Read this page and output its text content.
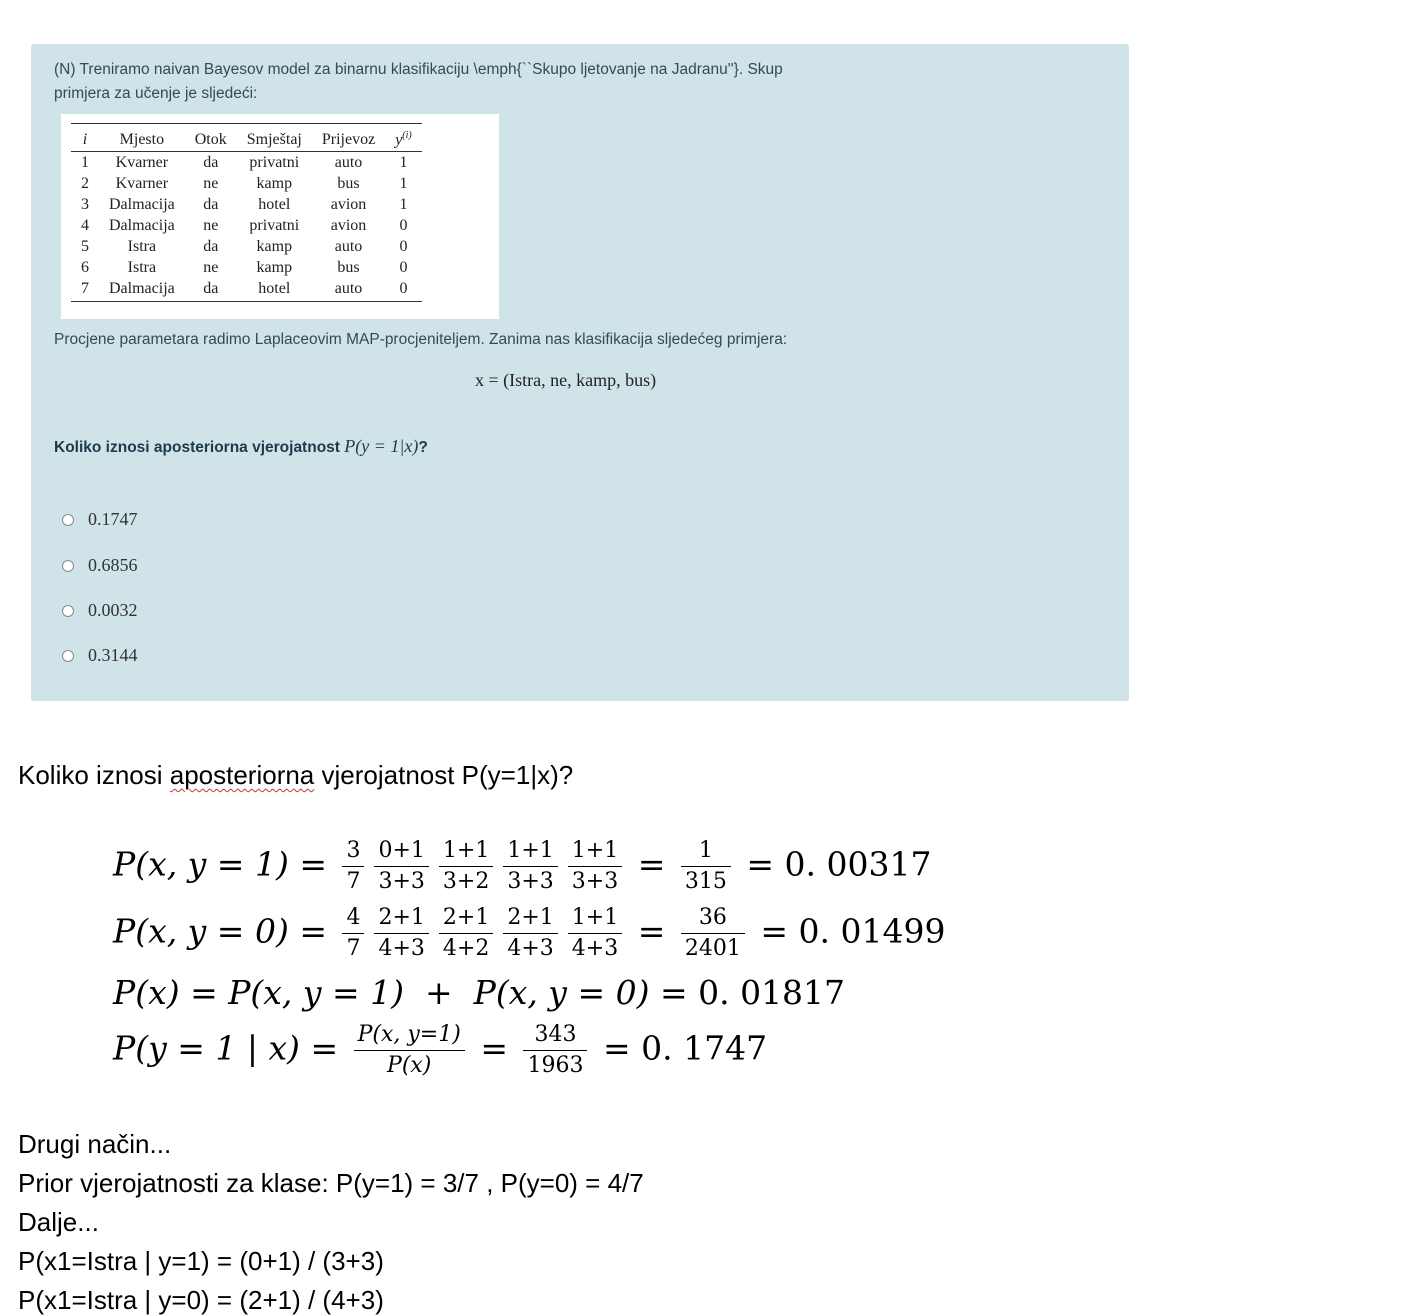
(N) Treniramo naivan Bayesov model za binarnu klasifikaciju \emph{``Skupo ljetovanje na Jadranu''}. Skup
primjera za učenje je sljedeći:
i	Mjesto	Otok	Smještaj	Prijevoz	$y^{(i)}$
1	Kvarner	da	privatni	auto	1
2	Kvarner	ne	kamp	bus	1
3	Dalmacija	da	hotel	avion	1
4	Dalmacija	ne	privatni	avion	0
5	Istra	da	kamp	auto	0
6	Istra	ne	kamp	bus	0
7	Dalmacija	da	hotel	auto	0
Procjene parametara radimo Laplaceovim MAP-procjeniteljem. Zanima nas klasifikacija sljedećeg primjera:
x = (Istra, ne, kamp, bus)
Koliko iznosi aposteriorna vjerojatnost P(y = 1|x)?
0.1747
0.6856
0.0032
0.3144
Koliko iznosi aposteriorna vjerojatnost P(y=1|x)?
P(x, $y = 1) = \frac{3}{7} \frac{0+1}{3+3} \frac{1+1}{3+2} \frac{1+1}{3+3} \frac{1+1}{3+3} = \frac{1}{315} = 0$. 00317
P(x, $y = 0) = \frac{4}{7} \frac{2+1}{4+3} \frac{2+1}{4+2} \frac{2+1}{4+3} \frac{1+1}{4+3} = \frac{36}{2401} = 0$. 01499
P(x) = P(x, y = 1)  +  P(x, y = 0) = 0. 01817
P(y = 1 | $x) = \frac{P(x, y=1)}{P(x)} = \frac{343}{1963} = 0$. 1747
Drugi način...
Prior vjerojatnosti za klase: P(y=1) = 3/7 , P(y=0) = 4/7
Dalje...
P(x1=Istra | y=1) = (0+1) / (3+3)
P(x1=Istra | y=0) = (2+1) / (4+3)
